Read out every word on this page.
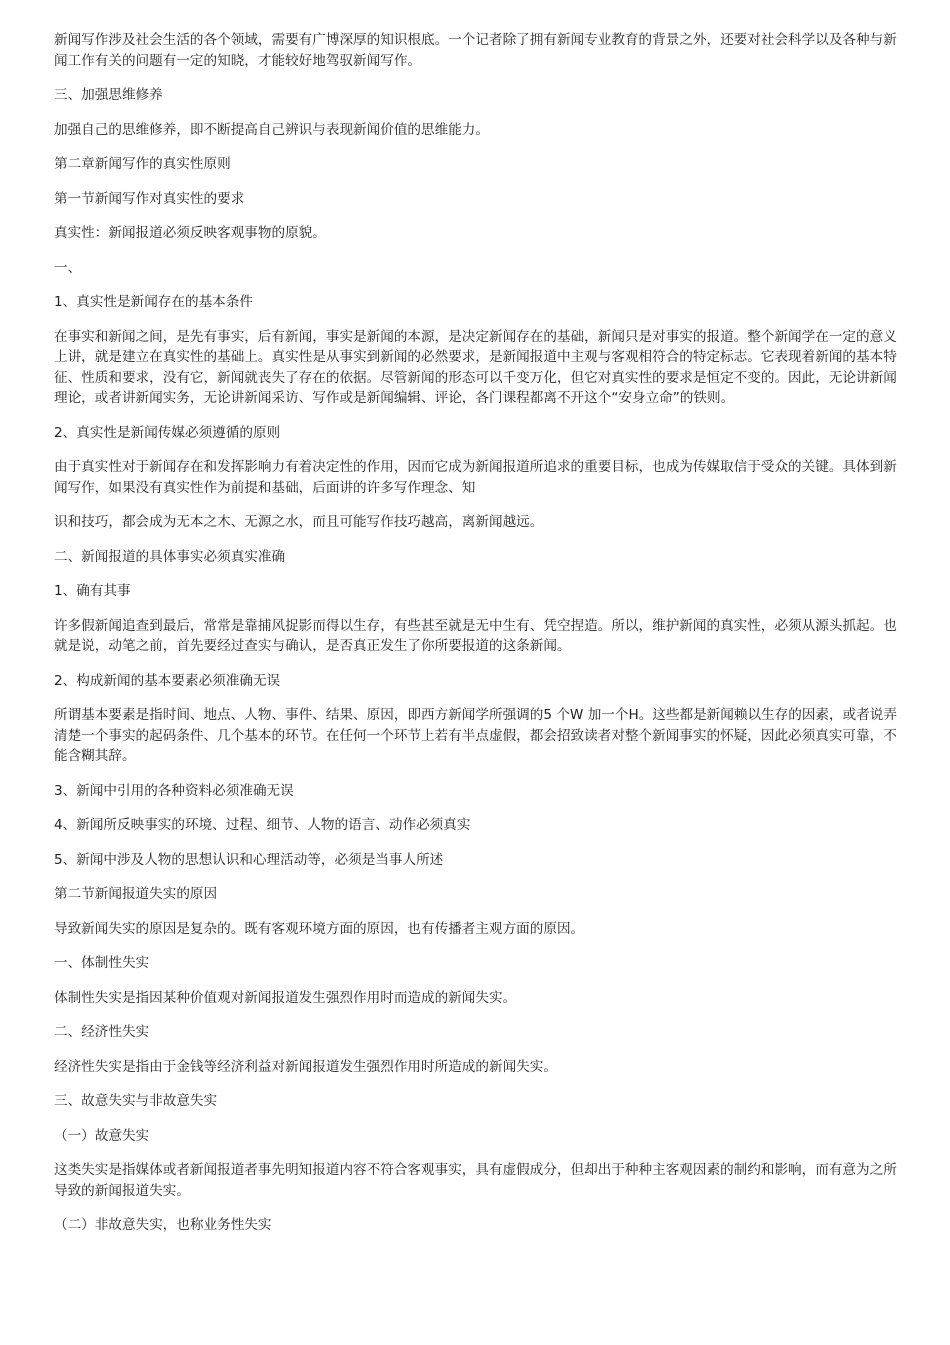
新闻写作涉及社会生活的各个领域，需要有广博深厚的知识根底。一个记者除了拥有新闻专业教育的背景之外，还要对社会科学以及各种与新闻工作有关的问题有一定的知晓，才能较好地驾驭新闻写作。

三、加强思维修养

加强自己的思维修养，即不断提高自己辨识与表现新闻价值的思维能力。

第二章新闻写作的真实性原则

第一节新闻写作对真实性的要求

真实性：新闻报道必须反映客观事物的原貌。

一、

1、真实性是新闻存在的基本条件

在事实和新闻之间，是先有事实，后有新闻，事实是新闻的本源，是决定新闻存在的基础，新闻只是对事实的报道。整个新闻学在一定的意义上讲，就是建立在真实性的基础上。真实性是从事实到新闻的必然要求，是新闻报道中主观与客观相符合的特定标志。它表现着新闻的基本特征、性质和要求，没有它，新闻就丧失了存在的依据。尽管新闻的形态可以千变万化，但它对真实性的要求是恒定不变的。因此，无论讲新闻理论，或者讲新闻实务，无论讲新闻采访、写作或是新闻编辑、评论，各门课程都离不开这个“安身立命”的铁则。

2、真实性是新闻传媒必须遵循的原则

由于真实性对于新闻存在和发挥影响力有着决定性的作用，因而它成为新闻报道所追求的重要目标，也成为传媒取信于受众的关键。具体到新闻写作，如果没有真实性作为前提和基础，后面讲的许多写作理念、知

识和技巧，都会成为无本之木、无源之水，而且可能写作技巧越高，离新闻越远。

二、新闻报道的具体事实必须真实准确

1、确有其事

许多假新闻追查到最后，常常是靠捕风捉影而得以生存，有些甚至就是无中生有、凭空捏造。所以，维护新闻的真实性，必须从源头抓起。也就是说，动笔之前，首先要经过查实与确认，是否真正发生了你所要报道的这条新闻。

2、构成新闻的基本要素必须准确无误

所谓基本要素是指时间、地点、人物、事件、结果、原因，即西方新闻学所强调的5 个W 加一个H。这些都是新闻赖以生存的因素，或者说弄清楚一个事实的起码条件、几个基本的环节。在任何一个环节上若有半点虚假，都会招致读者对整个新闻事实的怀疑，因此必须真实可靠，不能含糊其辞。

3、新闻中引用的各种资料必须准确无误

4、新闻所反映事实的环境、过程、细节、人物的语言、动作必须真实

5、新闻中涉及人物的思想认识和心理活动等，必须是当事人所述

第二节新闻报道失实的原因

导致新闻失实的原因是复杂的。既有客观环境方面的原因，也有传播者主观方面的原因。

一、体制性失实

体制性失实是指因某种价值观对新闻报道发生强烈作用时而造成的新闻失实。

二、经济性失实

经济性失实是指由于金钱等经济利益对新闻报道发生强烈作用时所造成的新闻失实。

三、故意失实与非故意失实

（一）故意失实

这类失实是指媒体或者新闻报道者事先明知报道内容不符合客观事实，具有虚假成分，但却出于种种主客观因素的制约和影响，而有意为之所导致的新闻报道失实。

（二）非故意失实，也称业务性失实
